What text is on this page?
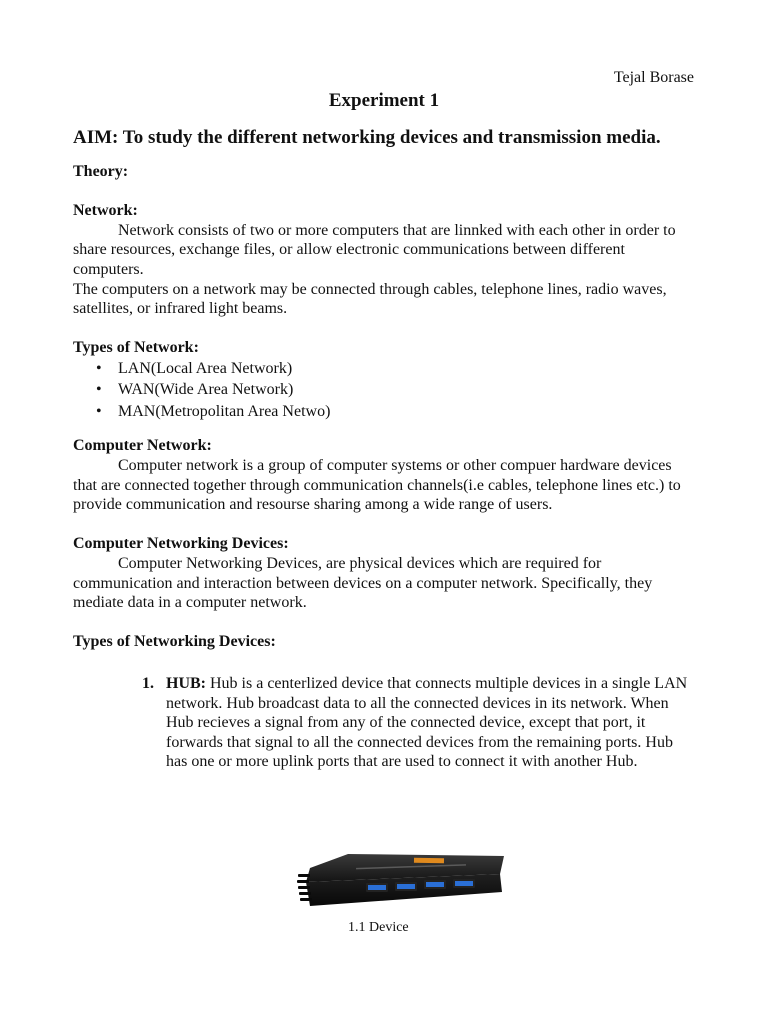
Tejal Borase
Experiment 1

AIM: To study the different networking devices and transmission media.

Theory:

Network:

Network consists of two or more computers that are linnked with each other in order to share resources, exchange files, or allow electronic communications between different computers.

The computers on a network may be connected through cables, telephone lines, radio waves, satellites, or infrared light beams.

Types of Network:

• LAN(Local Area Network)
• WAN(Wide Area Network)
• MAN(Metropolitan Area Netwo)

Computer Network:

Computer network is a group of computer systems or other compuer hardware devices that are connected together through communication channels(i.e cables, telephone lines etc.) to provide communication and resourse sharing among a wide range of users.

Computer Networking Devices:

Computer Networking Devices, are physical devices which are required for communication and interaction between devices on a computer network. Specifically, they mediate data in a computer network.

Types of Networking Devices:

1. HUB: Hub is a centerlized device that connects multiple devices in a single LAN network. Hub broadcast data to all the connected devices in its network. When Hub recieves a signal from any of the connected device, except that port, it forwards that signal to all the connected devices from the remaining ports. Hub has one or more uplink ports that are used to connect it with another Hub.
1.1 Device
